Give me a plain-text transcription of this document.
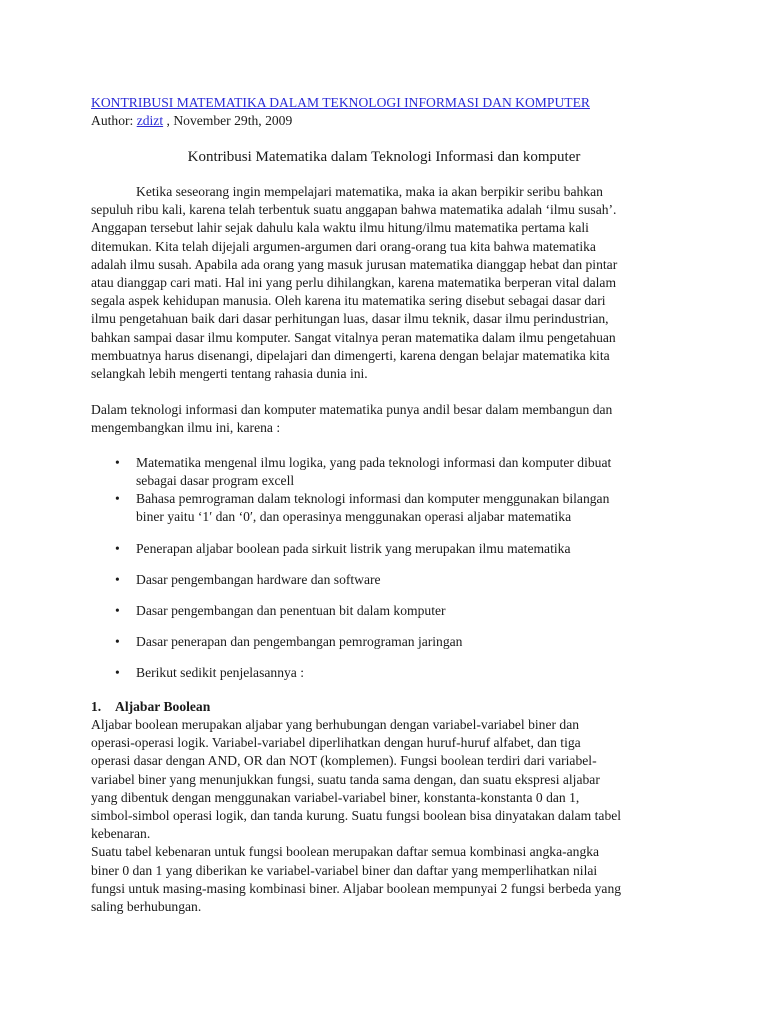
KONTRIBUSI MATEMATIKA DALAM TEKNOLOGI INFORMASI DAN KOMPUTER
Author: zdizt , November 29th, 2009
Kontribusi Matematika dalam Teknologi Informasi dan komputer
Ketika seseorang ingin mempelajari matematika, maka ia akan berpikir seribu bahkan
sepuluh ribu kali, karena telah terbentuk suatu anggapan bahwa matematika adalah ‘ilmu susah’.
Anggapan tersebut lahir sejak dahulu kala waktu ilmu hitung/ilmu matematika pertama kali
ditemukan. Kita telah dijejali argumen-argumen dari orang-orang tua kita bahwa matematika
adalah ilmu susah. Apabila ada orang yang masuk jurusan matematika dianggap hebat dan pintar
atau dianggap cari mati. Hal ini yang perlu dihilangkan, karena matematika berperan vital dalam
segala aspek kehidupan manusia. Oleh karena itu matematika sering disebut sebagai dasar dari
ilmu pengetahuan baik dari dasar perhitungan luas, dasar ilmu teknik, dasar ilmu perindustrian,
bahkan sampai dasar ilmu komputer. Sangat vitalnya peran matematika dalam ilmu pengetahuan
membuatnya harus disenangi, dipelajari dan dimengerti, karena dengan belajar matematika kita
selangkah lebih mengerti tentang rahasia dunia ini.
Dalam teknologi informasi dan komputer matematika punya andil besar dalam membangun dan
mengembangkan ilmu ini, karena :
• Matematika mengenal ilmu logika, yang pada teknologi informasi dan komputer dibuat
sebagai dasar program excell
• Bahasa pemrograman dalam teknologi informasi dan komputer menggunakan bilangan
biner yaitu ‘1′ dan ‘0′, dan operasinya menggunakan operasi aljabar matematika
• Penerapan aljabar boolean pada sirkuit listrik yang merupakan ilmu matematika
• Dasar pengembangan hardware dan software
• Dasar pengembangan dan penentuan bit dalam komputer
• Dasar penerapan dan pengembangan pemrograman jaringan
• Berikut sedikit penjelasannya :
1. Aljabar Boolean
Aljabar boolean merupakan aljabar yang berhubungan dengan variabel-variabel biner dan
operasi-operasi logik. Variabel-variabel diperlihatkan dengan huruf-huruf alfabet, dan tiga
operasi dasar dengan AND, OR dan NOT (komplemen). Fungsi boolean terdiri dari variabel-
variabel biner yang menunjukkan fungsi, suatu tanda sama dengan, dan suatu ekspresi aljabar
yang dibentuk dengan menggunakan variabel-variabel biner, konstanta-konstanta 0 dan 1,
simbol-simbol operasi logik, dan tanda kurung. Suatu fungsi boolean bisa dinyatakan dalam tabel
kebenaran.
Suatu tabel kebenaran untuk fungsi boolean merupakan daftar semua kombinasi angka-angka
biner 0 dan 1 yang diberikan ke variabel-variabel biner dan daftar yang memperlihatkan nilai
fungsi untuk masing-masing kombinasi biner. Aljabar boolean mempunyai 2 fungsi berbeda yang
saling berhubungan.
